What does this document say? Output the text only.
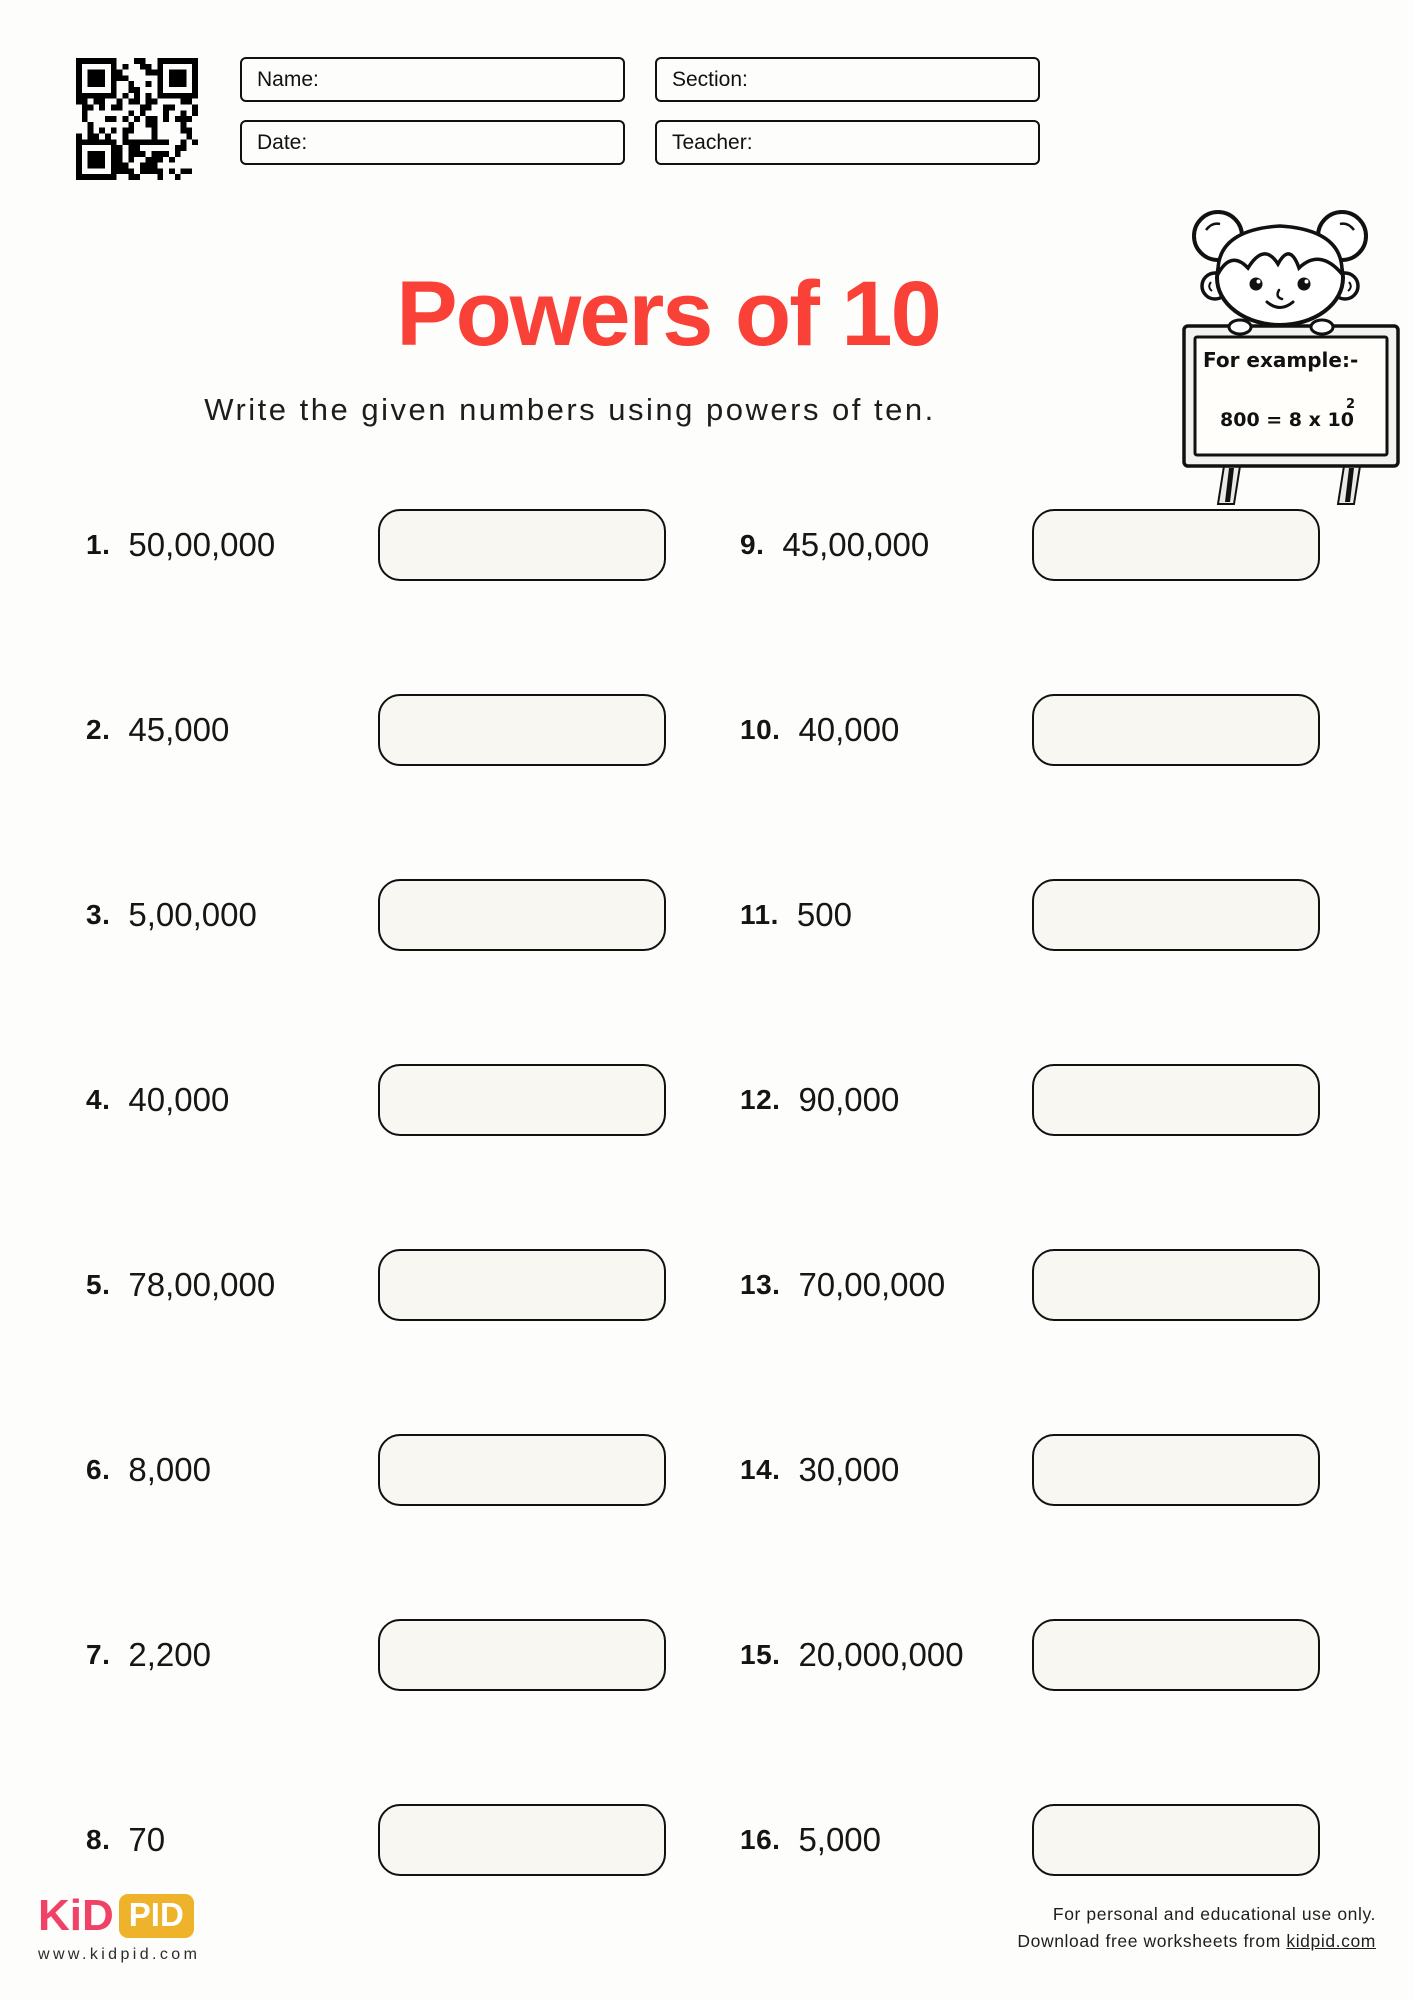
Name:	Section:
Date:	Teacher:
Powers of 10
Write the given numbers using powers of ten.
For example:-
800 = 8 x 10
2
1. 50,00,000
2. 45,000
3. 5,00,000
4. 40,000
5. 78,00,000
6. 8,000
7. 2,200
8. 70
9. 45,00,000
10. 40,000
11. 500
12. 90,000
13. 70,00,000
14. 30,000
15. 20,000,000
16. 5,000
KiD PID
www.kidpid.com
For personal and educational use only.
Download free worksheets from kidpid.com
